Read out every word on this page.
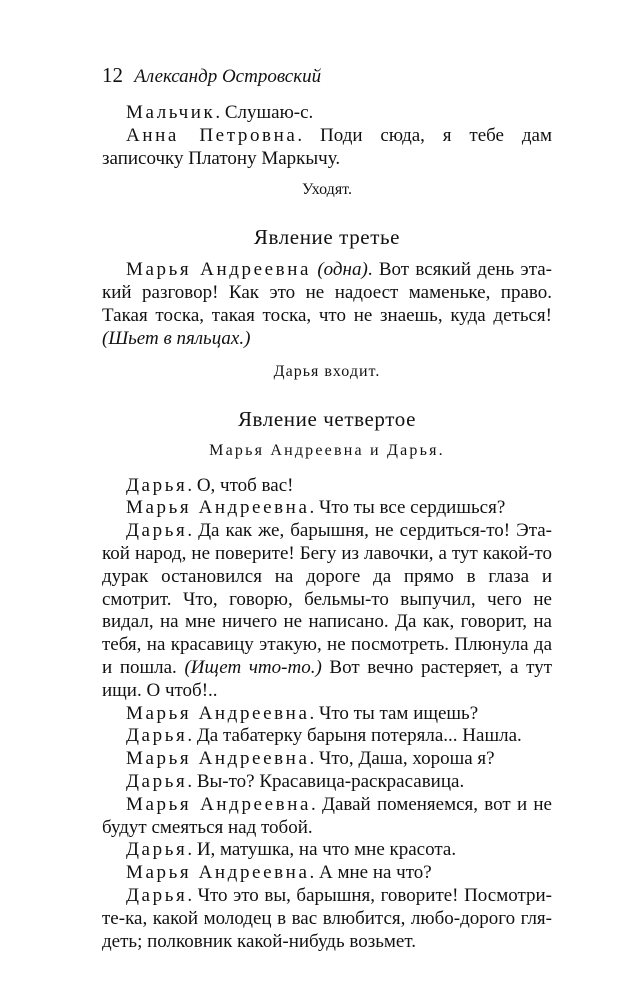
12 Александр Островский

Мальчик. Слушаю-с.

Анна Петровна. Поди сюда, я тебе дам записочку Платону Маркычу.

Уходят.

Явление третье

Марья Андреевна (одна). Вот всякий день этакий разговор! Как это не надоест маменьке, право. Такая тоска, такая тоска, что не знаешь, куда деться! (Шьет в пяльцах.)

Дарья входит.

Явление четвертое

Марья Андреевна и Дарья.

Дарья. О, чтоб вас!

Марья Андреевна. Что ты все сердишься?

Дарья. Да как же, барышня, не сердиться-то! Этакой народ, не поверите! Бегу из лавочки, а тут какой-то дурак остановился на дороге да прямо в глаза и смотрит. Что, говорю, бельмы-то выпучил, чего не видал, на мне ничего не написано. Да как, говорит, на тебя, на красавицу этакую, не посмотреть. Плюнула да и пошла. (Ищет что-то.) Вот вечно растеряет, а тут ищи. О чтоб!..

Марья Андреевна. Что ты там ищешь?

Дарья. Да табатерку барыня потеряла... Нашла.

Марья Андреевна. Что, Даша, хороша я?

Дарья. Вы-то? Красавица-раскрасавица.

Марья Андреевна. Давай поменяемся, вот и не будут смеяться над тобой.

Дарья. И, матушка, на что мне красота.

Марья Андреевна. А мне на что?

Дарья. Что это вы, барышня, говорите! Посмотрите-ка, какой молодец в вас влюбится, любо-дорого глядеть; полковник какой-нибудь возьмет.
